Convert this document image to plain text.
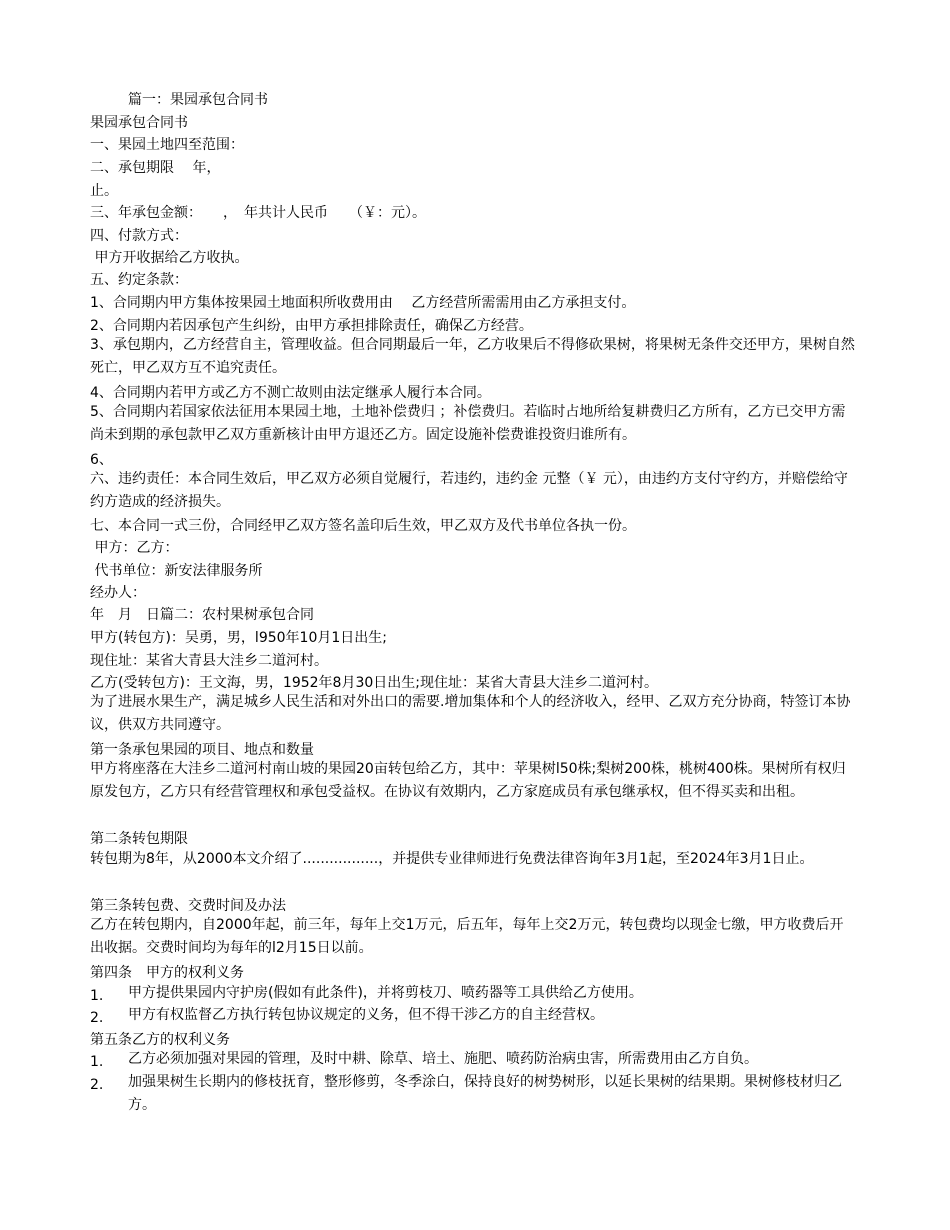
篇一：果园承包合同书
果园承包合同书
一、果园土地四至范围：
二、承包期限　 年，
止。
三、年承包金额：　　，　年共计人民币　　（￥：元）。
四、付款方式：
甲方开收据给乙方收执。
五、约定条款：
1、合同期内甲方集体按果园土地面积所收费用由　 乙方经营所需需用由乙方承担支付。
2、合同期内若因承包产生纠纷，由甲方承担排除责任，确保乙方经营。
3、承包期内，乙方经营自主，管理收益。但合同期最后一年，乙方收果后不得修砍果树，将果树无条件交还甲方，果树自然死亡，甲乙双方互不追究责任。
4、合同期内若甲方或乙方不测亡故则由法定继承人履行本合同。
5、合同期内若国家依法征用本果园土地，土地补偿费归 ；补偿费归。若临时占地所给复耕费归乙方所有，乙方已交甲方需尚未到期的承包款甲乙双方重新核计由甲方退还乙方。固定设施补偿费谁投资归谁所有。
6、
六、违约责任：本合同生效后，甲乙双方必须自觉履行，若违约，违约金 元整（￥ 元），由违约方支付守约方，并赔偿给守约方造成的经济损失。
七、本合同一式三份，合同经甲乙双方签名盖印后生效，甲乙双方及代书单位各执一份。
甲方：乙方：
代书单位：新安法律服务所
经办人：
年　月　日篇二：农村果树承包合同
甲方(转包方)：吴勇，男，l950年10月1日出生;
现住址：某省大青县大洼乡二道河村。
乙方(受转包方)：王文海，男，1952年8月30日出生;现住址：某省大青县大洼乡二道河村。
为了进展水果生产，满足城乡人民生活和对外出口的需要.增加集体和个人的经济收入，经甲、乙双方充分协商，特签订本协议，供双方共同遵守。
第一条承包果园的项目、地点和数量
甲方将座落在大洼乡二道河村南山坡的果园20亩转包给乙方，其中：苹果树l50株;梨树200株，桃树400株。果树所有权归原发包方，乙方只有经营管理权和承包受益权。在协议有效期内，乙方家庭成员有承包继承权，但不得买卖和出租。
第二条转包期限
转包期为8年，从2000本文介绍了.................，并提供专业律师进行免费法律咨询年3月1起，至2024年3月1日止。
第三条转包费、交费时间及办法
乙方在转包期内，自2000年起，前三年，每年上交1万元，后五年，每年上交2万元，转包费均以现金七缴，甲方收费后开出收据。交费时间均为每年的l2月15日以前。
第四条　甲方的权利义务
1. 甲方提供果园内守护房(假如有此条件)，并将剪枝刀、喷药器等工具供给乙方使用。
2. 甲方有权监督乙方执行转包协议规定的义务，但不得干涉乙方的自主经营权。
第五条乙方的权利义务
1. 乙方必须加强对果园的管理，及时中耕、除草、培土、施肥、喷药防治病虫害，所需费用由乙方自负。
2. 加强果树生长期内的修枝抚育，整形修剪，冬季涂白，保持良好的树势树形，以延长果树的结果期。果树修枝材归乙方。
